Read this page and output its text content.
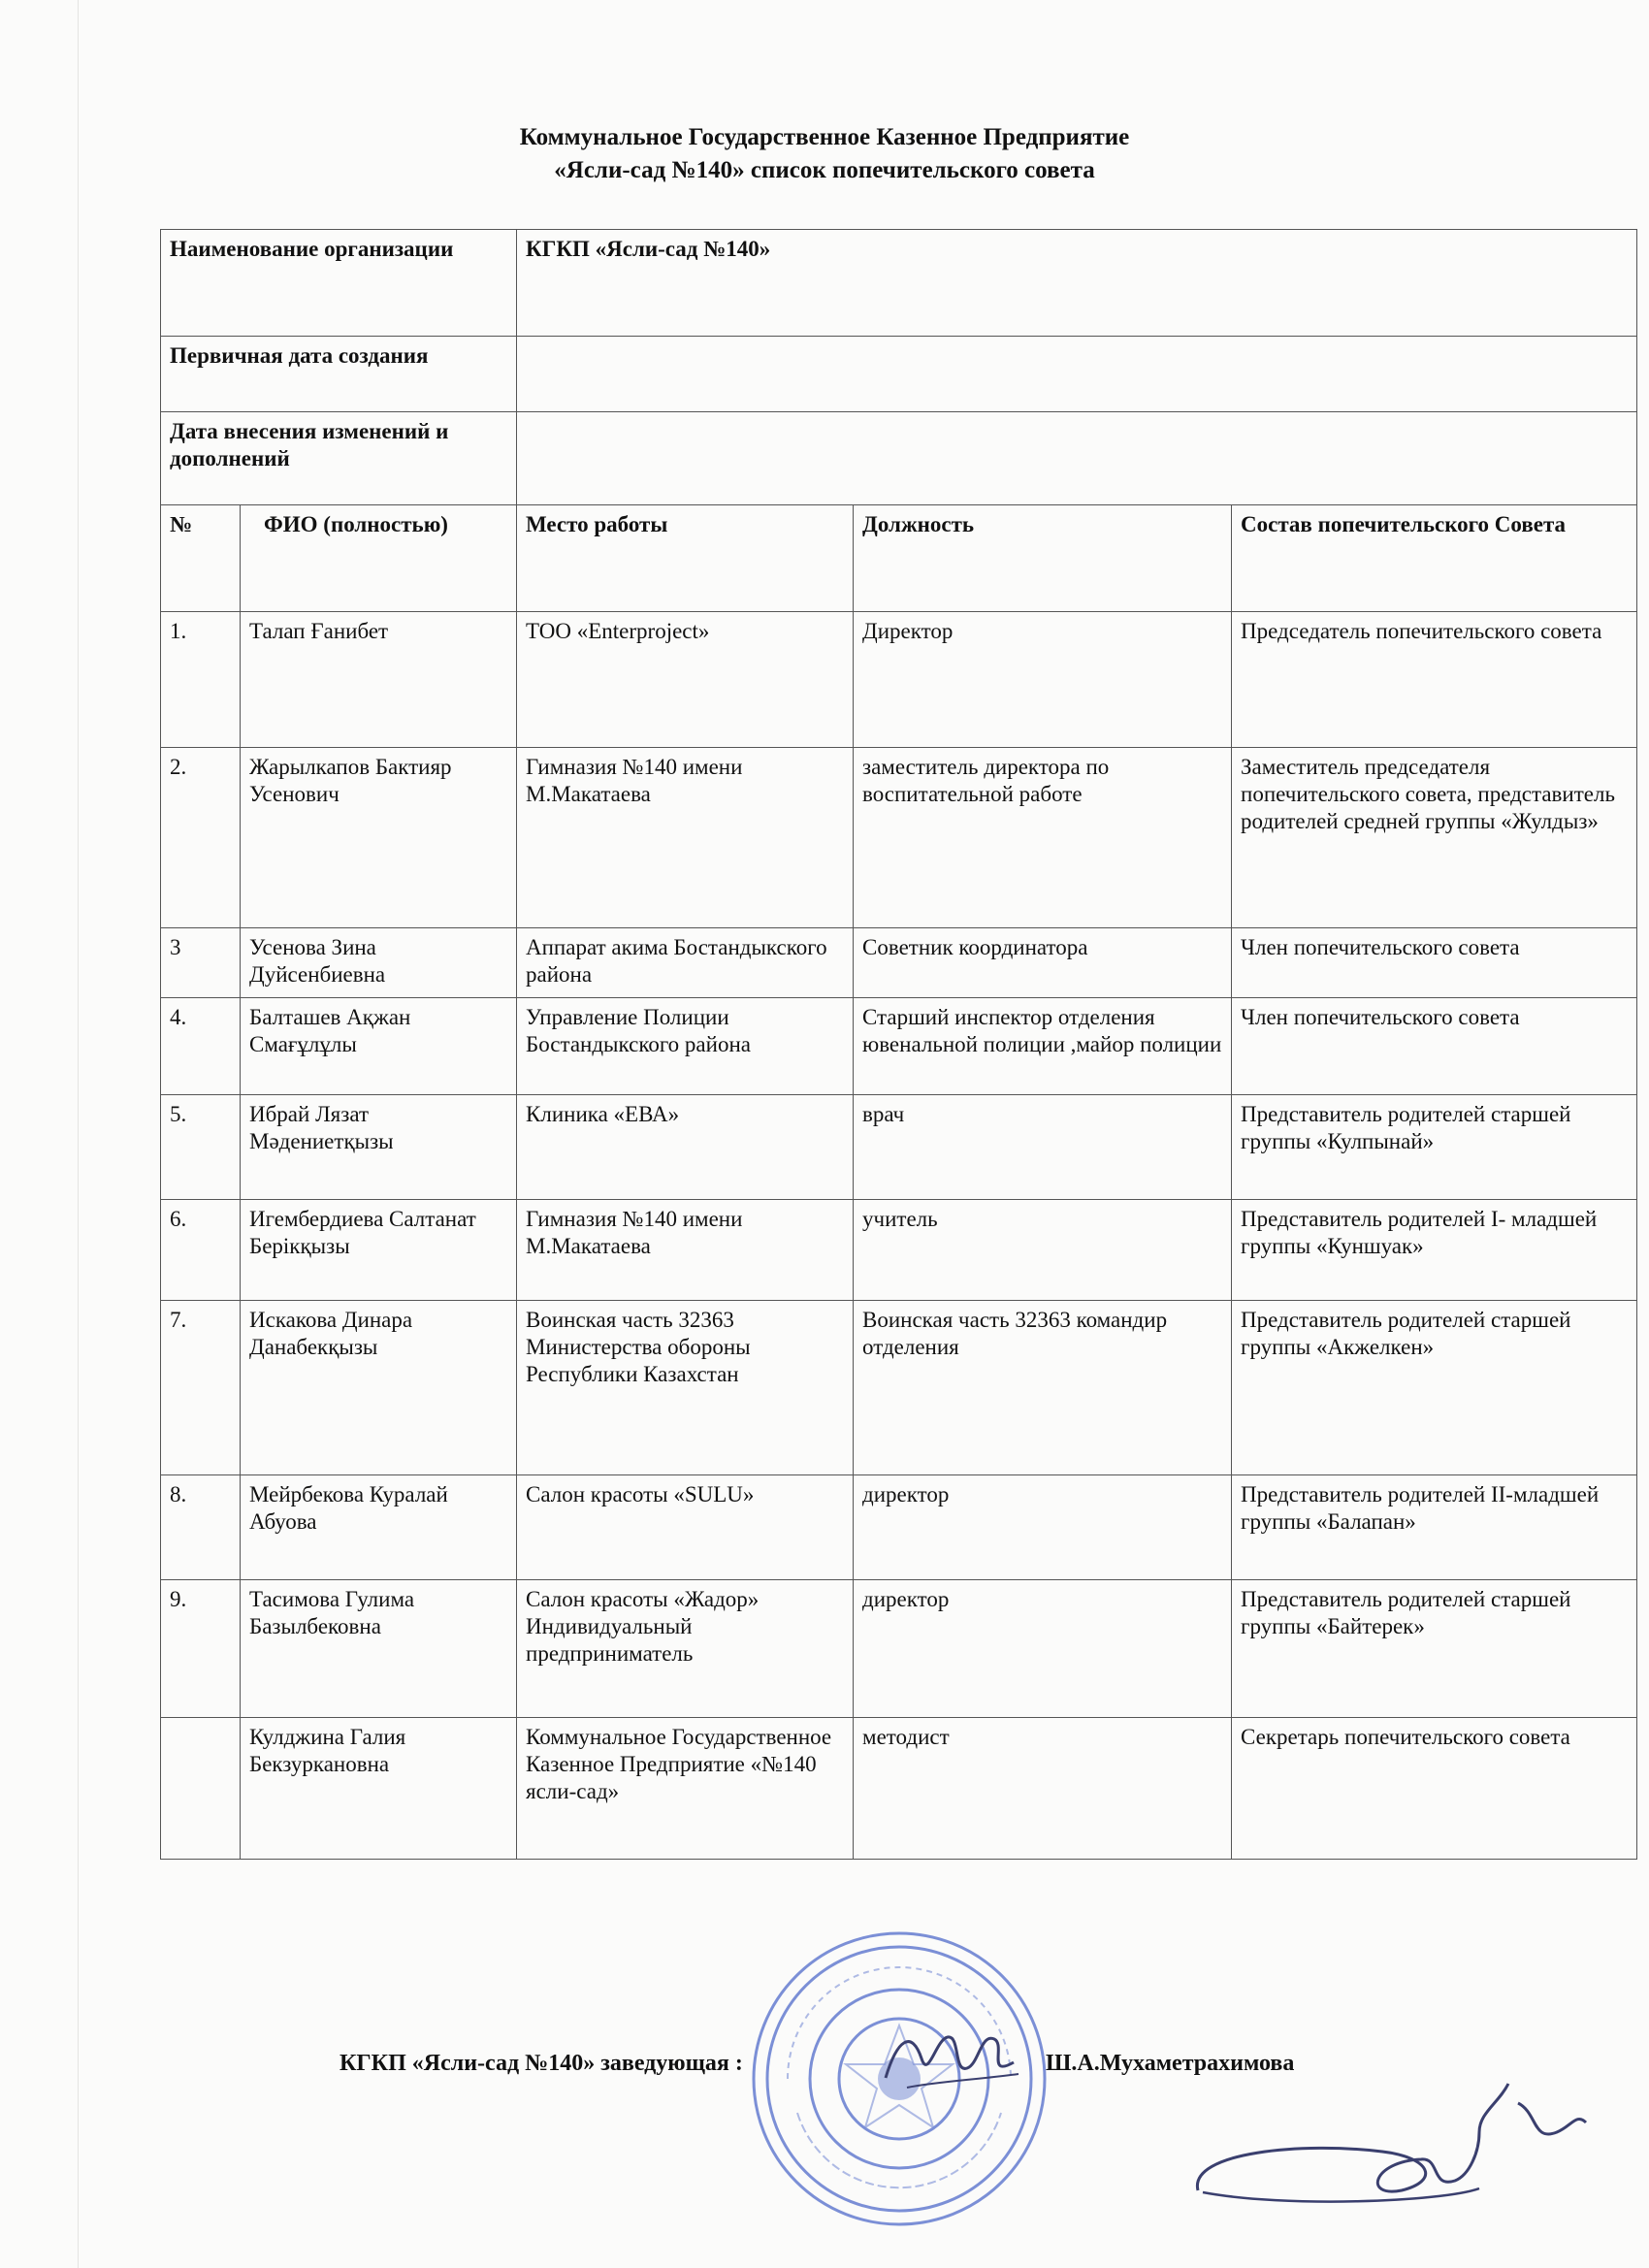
Коммунальное Государственное Казенное Предприятие
«Ясли-сад №140» список попечительского совета
Наименование организации		КГКП «Ясли-сад №140»		
Первичная дата создания				
Дата внесения изменений и дополнений				
№	ФИО (полностью)	Место работы	Должность	Состав попечительского Совета
1.	Талап Ғанибет	ТОО «Enterproject»	Директор	Председатель попечительского совета
2.	Жарылкапов Бактияр Усенович	Гимназия №140 имени М.Макатаева	заместитель директора по воспитательной работе	Заместитель председателя попечительского совета, представитель родителей средней группы «Жулдыз»
3	Усенова Зина Дуйсенбиевна	Аппарат акима Бостандыкского района	Советник координатора	Член попечительского совета
4.	Балташев Ақжан Смағұлұлы	Управление Полиции Бостандыкского района	Старший инспектор отделения ювенальной полиции ,майор полиции	Член попечительского совета
5.	Ибрай Лязат Мәдениетқызы	Клиника «ЕВА»	врач	Представитель родителей старшей группы «Кулпынай»
6.	Игембердиева Салтанат Берікқызы	Гимназия №140 имени М.Макатаева	учитель	Представитель родителей I- младшей группы «Куншуак»
7.	Искакова Динара Данабекқызы	Воинская часть 32363 Министерства обороны Республики Казахстан	Воинская часть 32363 командир отделения	Представитель родителей старшей группы «Акжелкен»
8.	Мейрбекова Куралай Абуова	Салон красоты «SULU»	директор	Представитель родителей II-младшей группы «Балапан»
9.	Тасимова Гулима Базылбековна	Салон красоты «Жадор» Индивидуальный предприниматель	директор	Представитель родителей старшей группы «Байтерек»
	Кулджина Галия Бекзуркановна	Коммунальное Государственное Казенное Предприятие «№140 ясли-сад»	методист	Секретарь попечительского совета
КГКП «Ясли-сад №140» заведующая :	Ш.А.Мухаметрахимова
